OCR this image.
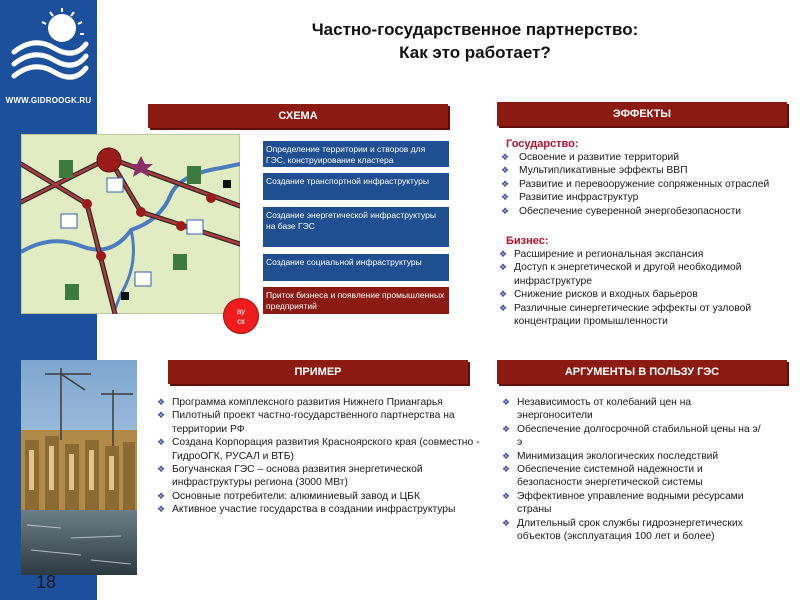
WWW.GIDROOGK.RU
18
Частно-государственное партнерство:
Как это работает?
СХЕМА	ЭФФЕКТЫ
ПРИМЕР	АРГУМЕНТЫ В ПОЛЬЗУ ГЭС
Определение территории и створов для ГЭС, конструирование кластера
Создание транспортной инфраструктуры
Создание энергетической инфраструктуры на базе ГЭС
Создание социальной инфраструктуры
Приток бизнеса и появление промышленных предприятий
ау
ск
Государство:
❖ Освоение и развитие территорий
❖ Мультипликативные эффекты ВВП
❖ Развитие и перевооружение сопряженных отраслей
❖ Развитие инфраструктур
❖ Обеспечение суверенной энергобезопасности
Бизнес:
❖ Расширение и региональная экспансия
❖ Доступ к энергетической и другой необходимой инфраструктуре
❖ Снижение рисков и входных барьеров
❖ Различные синергетические эффекты от узловой концентрации промышленности
❖ Программа комплексного развития Нижнего Приангарья
❖ Пилотный проект частно-государственного партнерства на территории РФ
❖ Создана Корпорация развития Красноярского края (совместно - ГидроОГК, РУСАЛ и ВТБ)
❖ Богучанская ГЭС – основа развития энергетической инфраструктуры региона (3000 МВт)
❖ Основные потребители: алюминиевый завод и ЦБК
❖ Активное участие государства в создании инфраструктуры
❖ Независимость от колебаний цен на энергоносители
❖ Обеспечение долгосрочной стабильной цены на э/э
❖ Минимизация экологических последствий
❖ Обеспечение системной надежности и безопасности энергетической системы
❖ Эффективное управление водными ресурсами страны
❖ Длительный срок службы гидроэнергетических объектов (эксплуатация 100 лет и более)
